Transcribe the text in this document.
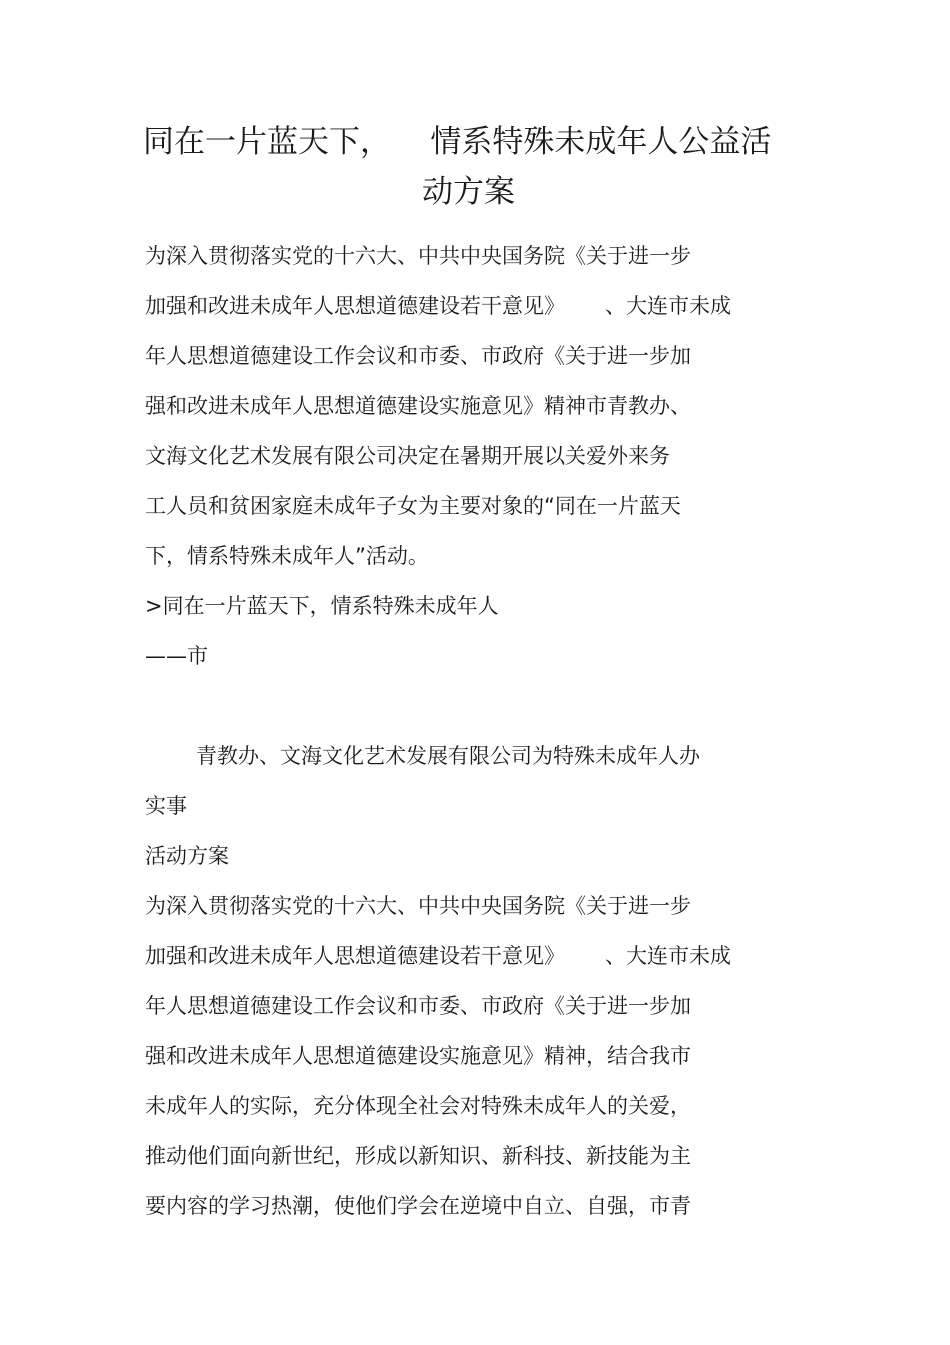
同在一片蓝天下，    情系特殊未成年人公益活
动方案
为深入贯彻落实党的十六大、中共中央国务院《关于进一步
加强和改进未成年人思想道德建设若干意见》      、大连市未成
年人思想道德建设工作会议和市委、市政府《关于进一步加
强和改进未成年人思想道德建设实施意见》精神市青教办、
文海文化艺术发展有限公司决定在暑期开展以关爱外来务
工人员和贫困家庭未成年子女为主要对象的“同在一片蓝天
下，情系特殊未成年人”活动。
>同在一片蓝天下，情系特殊未成年人
——市
青教办、文海文化艺术发展有限公司为特殊未成年人办
实事
活动方案
为深入贯彻落实党的十六大、中共中央国务院《关于进一步
加强和改进未成年人思想道德建设若干意见》      、大连市未成
年人思想道德建设工作会议和市委、市政府《关于进一步加
强和改进未成年人思想道德建设实施意见》精神，结合我市
未成年人的实际，充分体现全社会对特殊未成年人的关爱，
推动他们面向新世纪，形成以新知识、新科技、新技能为主
要内容的学习热潮，使他们学会在逆境中自立、自强，市青
